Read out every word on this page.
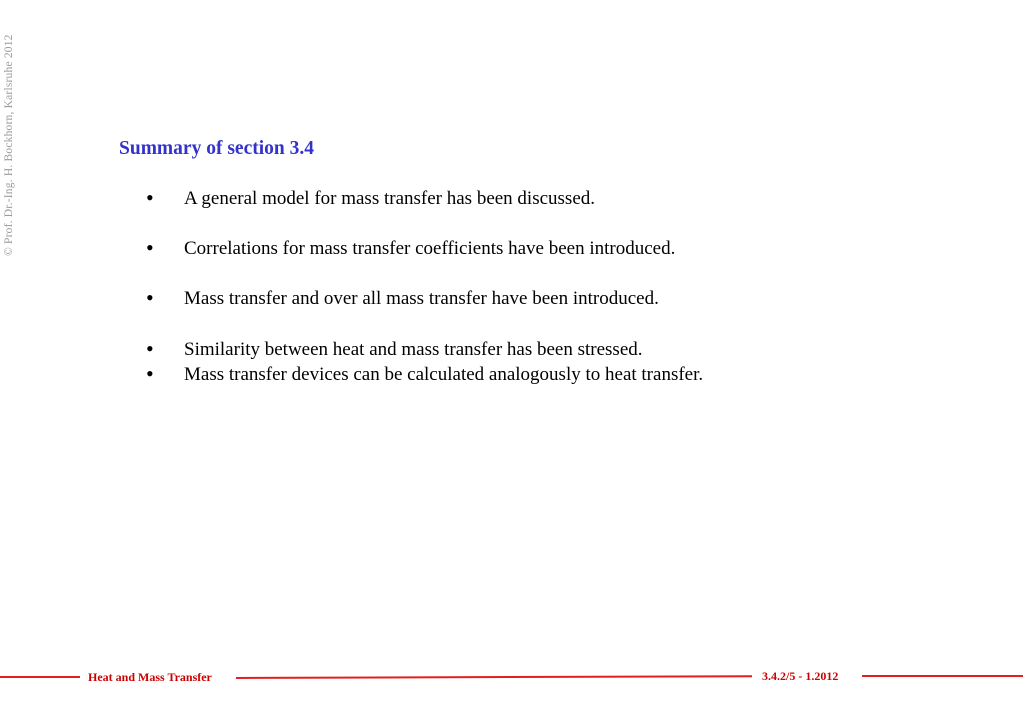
© Prof. Dr.-Ing. H. Bockhorn, Karlsruhe 2012	Summary of section 3.4
• A general model for mass transfer has been discussed.
• Correlations for mass transfer coefficients have been introduced.
• Mass transfer and over all mass transfer have been introduced.
• Similarity between heat and mass transfer has been stressed.
• Mass transfer devices can be calculated analogously to heat transfer.
Heat and Mass Transfer	3.4.2/5 - 1.2012
